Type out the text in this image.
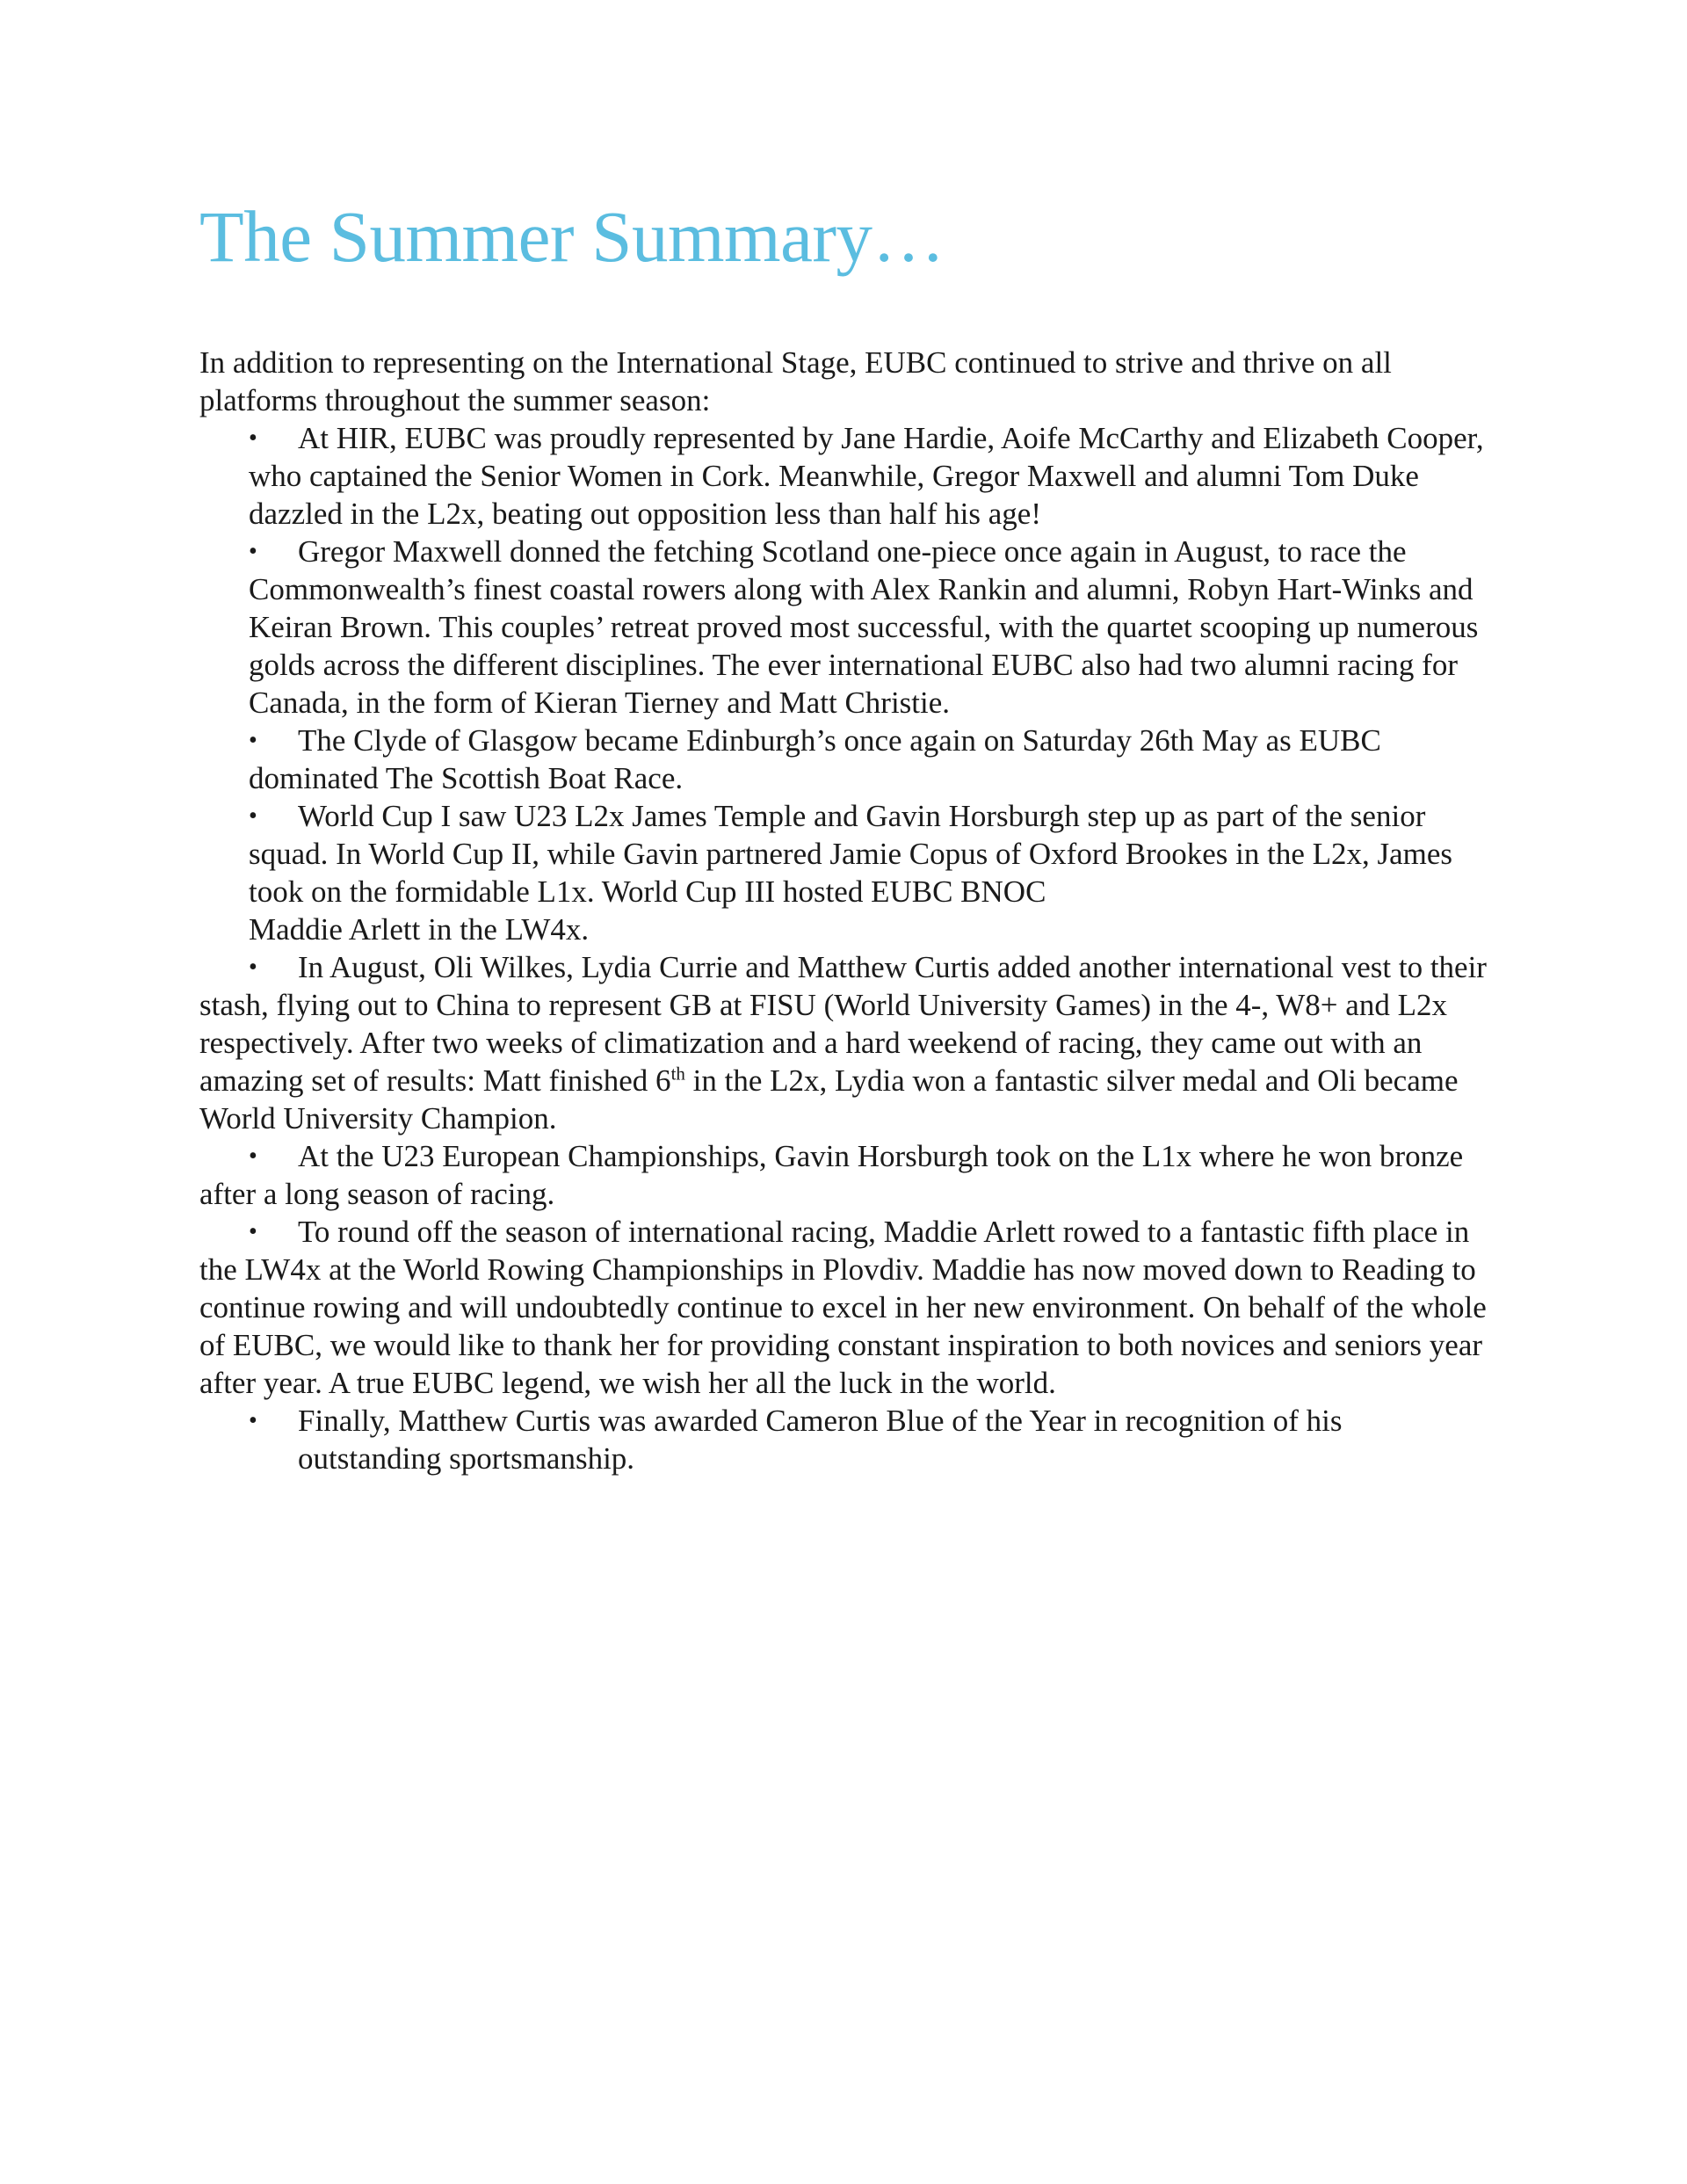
The Summer Summary…

In addition to representing on the International Stage, EUBC continued to strive and thrive on all platforms throughout the summer season:

•	At HIR, EUBC was proudly represented by Jane Hardie, Aoife McCarthy and Elizabeth Cooper, who captained the Senior Women in Cork. Meanwhile, Gregor Maxwell and alumni Tom Duke dazzled in the L2x, beating out opposition less than half his age!
•	Gregor Maxwell donned the fetching Scotland one-piece once again in August, to race the Commonwealth’s finest coastal rowers along with Alex Rankin and alumni, Robyn Hart-Winks and Keiran Brown. This couples’ retreat proved most successful, with the quartet scooping up numerous golds across the different disciplines. The ever international EUBC also had two alumni racing for Canada, in the form of Kieran Tierney and Matt Christie.
•	The Clyde of Glasgow became Edinburgh’s once again on Saturday 26th May as EUBC dominated The Scottish Boat Race.
•	World Cup I saw U23 L2x James Temple and Gavin Horsburgh step up as part of the senior squad. In World Cup II, while Gavin partnered Jamie Copus of Oxford Brookes in the L2x, James took on the formidable L1x. World Cup III hosted EUBC BNOC
Maddie Arlett in the LW4x.
•	In August, Oli Wilkes, Lydia Currie and Matthew Curtis added another international vest to their stash, flying out to China to represent GB at FISU (World University Games) in the 4-, W8+ and L2x respectively. After two weeks of climatization and a hard weekend of racing, they came out with an amazing set of results: Matt finished 6th in the L2x, Lydia won a fantastic silver medal and Oli became World University Champion.
•	At the U23 European Championships, Gavin Horsburgh took on the L1x where he won bronze after a long season of racing.
•	To round off the season of international racing, Maddie Arlett rowed to a fantastic fifth place in the LW4x at the World Rowing Championships in Plovdiv. Maddie has now moved down to Reading to continue rowing and will undoubtedly continue to excel in her new environment. On behalf of the whole of EUBC, we would like to thank her for providing constant inspiration to both novices and seniors year after year. A true EUBC legend, we wish her all the luck in the world.
• Finally, Matthew Curtis was awarded Cameron Blue of the Year in recognition of his outstanding sportsmanship.
